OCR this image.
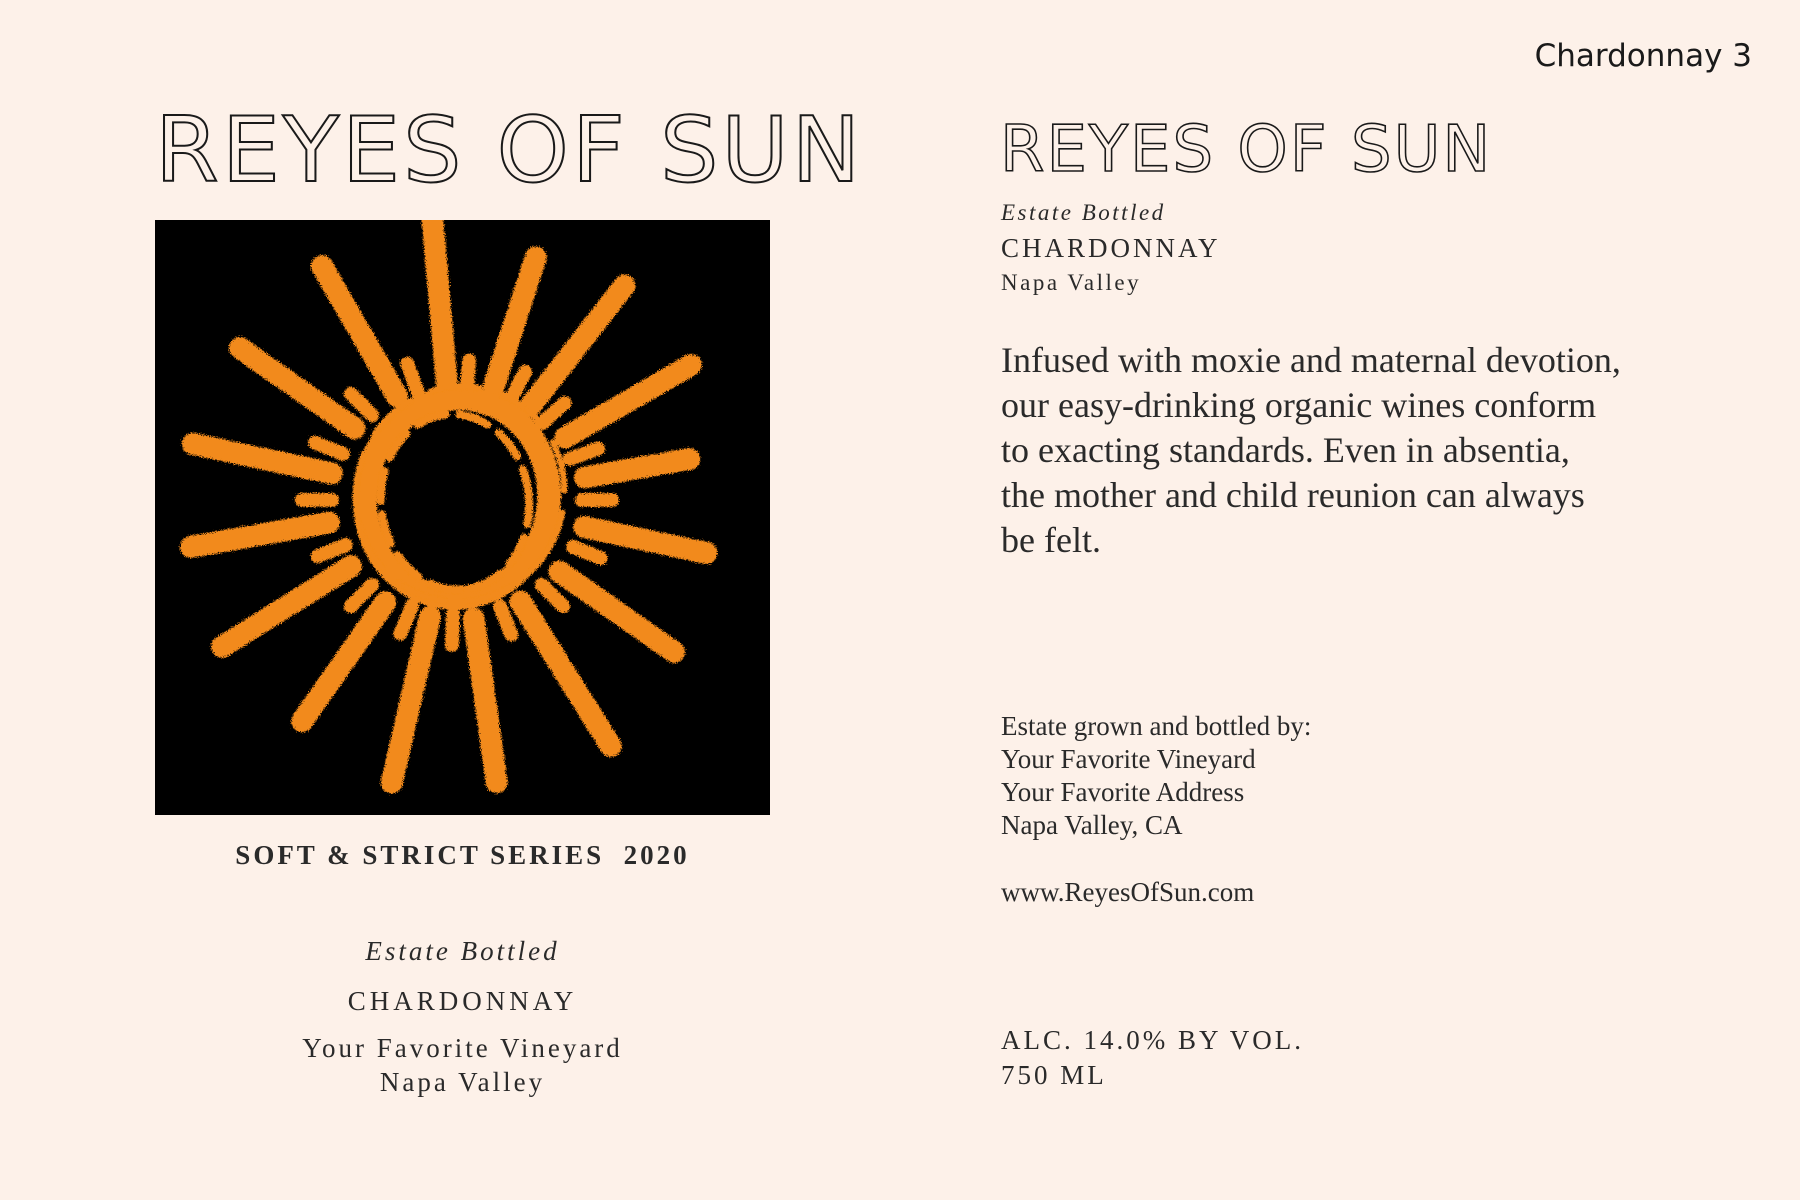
Chardonnay 3
REYES OF SUN
SOFT & STRICT SERIES  2020
Estate Bottled
CHARDONNAY
Your Favorite Vineyard
Napa Valley
REYES OF SUN
Estate Bottled
CHARDONNAY
Napa Valley
Infused with moxie and maternal devotion, our easy-drinking organic wines conform to exacting standards. Even in absentia, the mother and child reunion can always be felt.
Estate grown and bottled by:
Your Favorite Vineyard
Your Favorite Address
Napa Valley, CA
www.ReyesOfSun.com
ALC. 14.0% BY VOL.
750 ML
